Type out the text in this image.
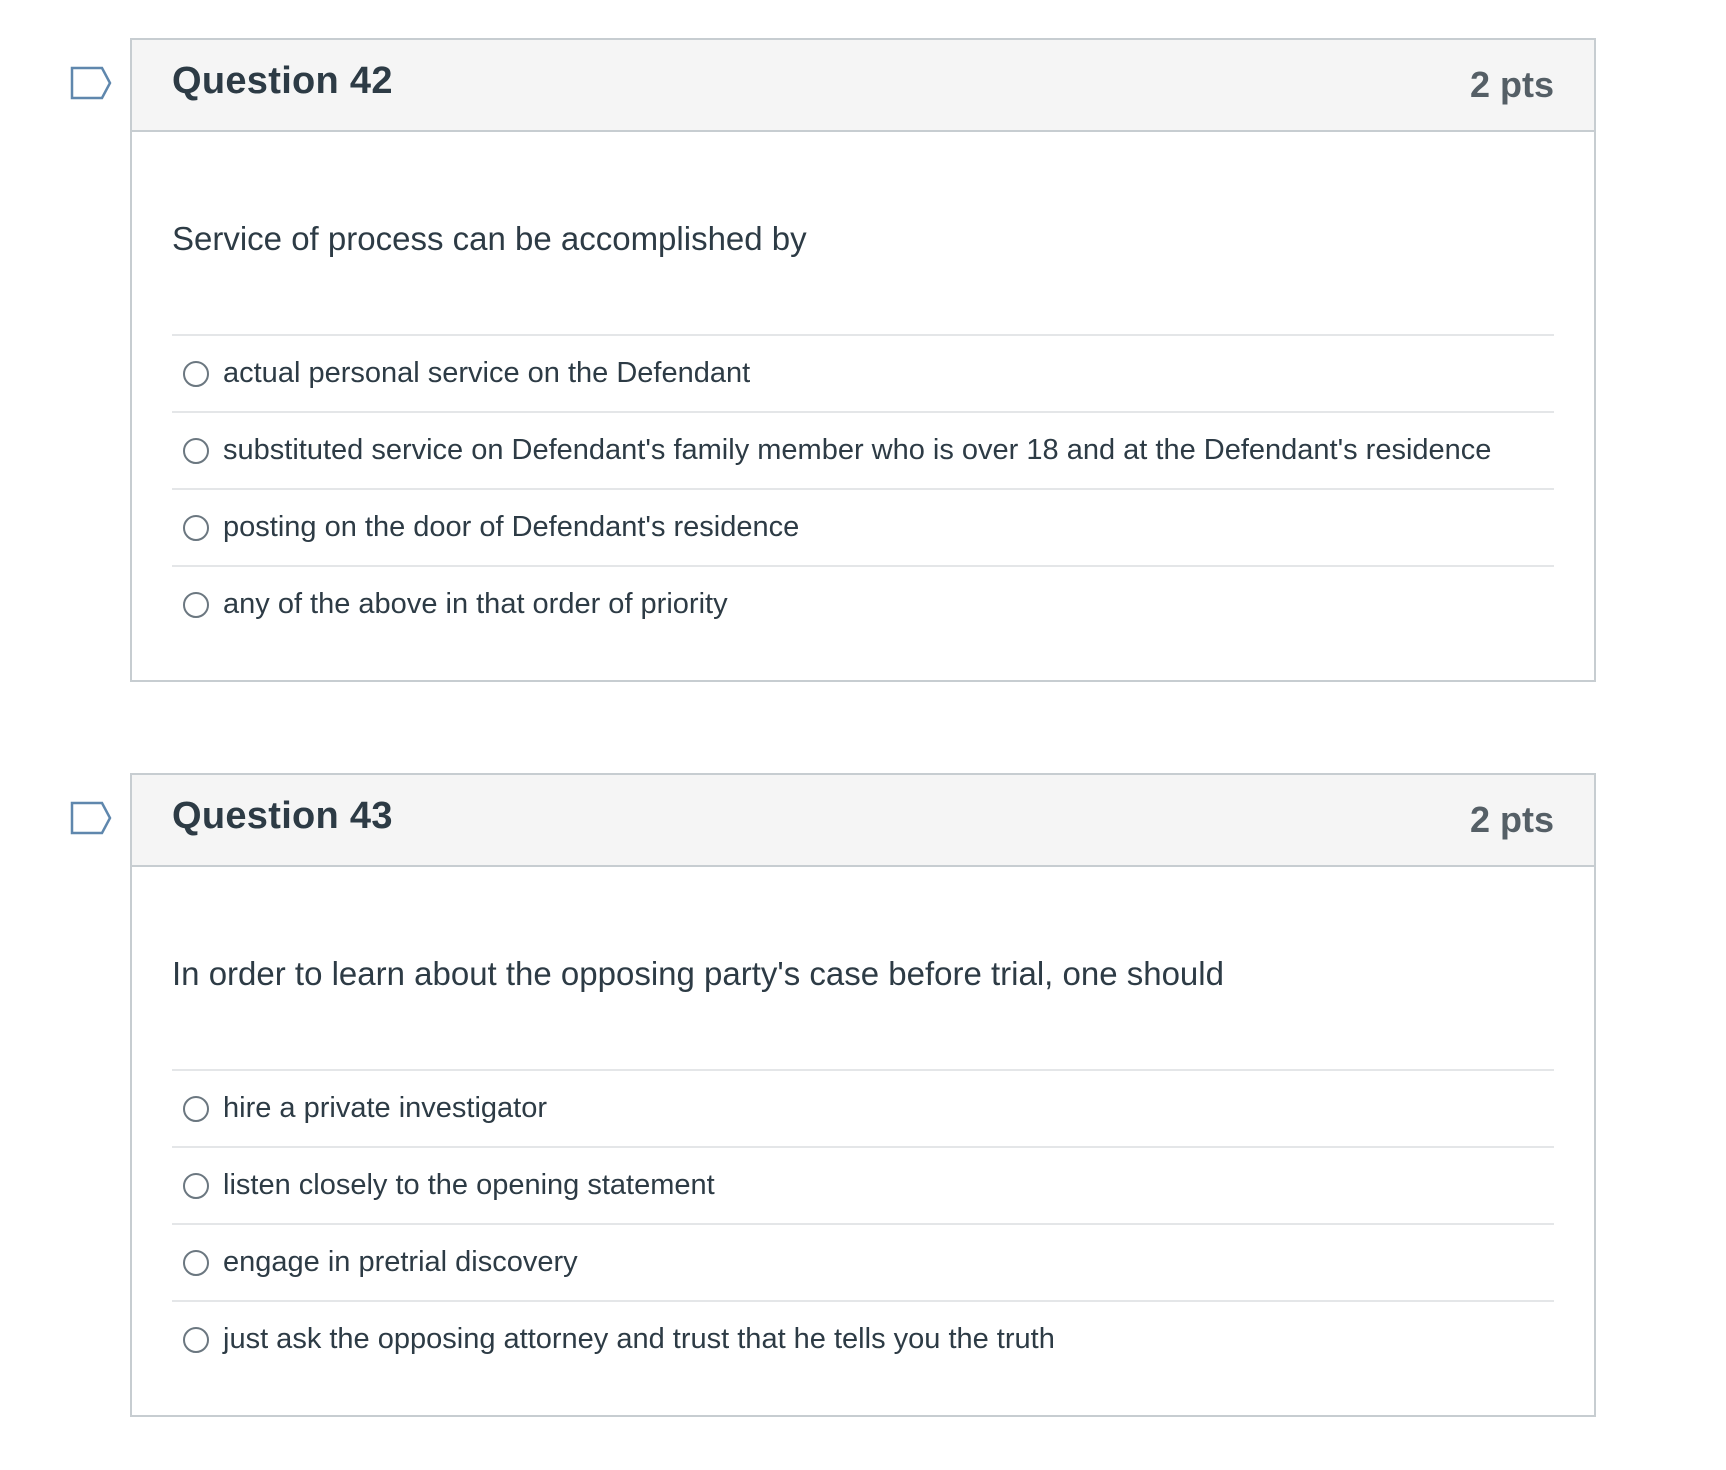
Question 42	2 pts
Service of process can be accomplished by
actual personal service on the Defendant
substituted service on Defendant's family member who is over 18 and at the Defendant's residence
posting on the door of Defendant's residence
any of the above in that order of priority
Question 43	2 pts
In order to learn about the opposing party's case before trial, one should
hire a private investigator
listen closely to the opening statement
engage in pretrial discovery
just ask the opposing attorney and trust that he tells you the truth
